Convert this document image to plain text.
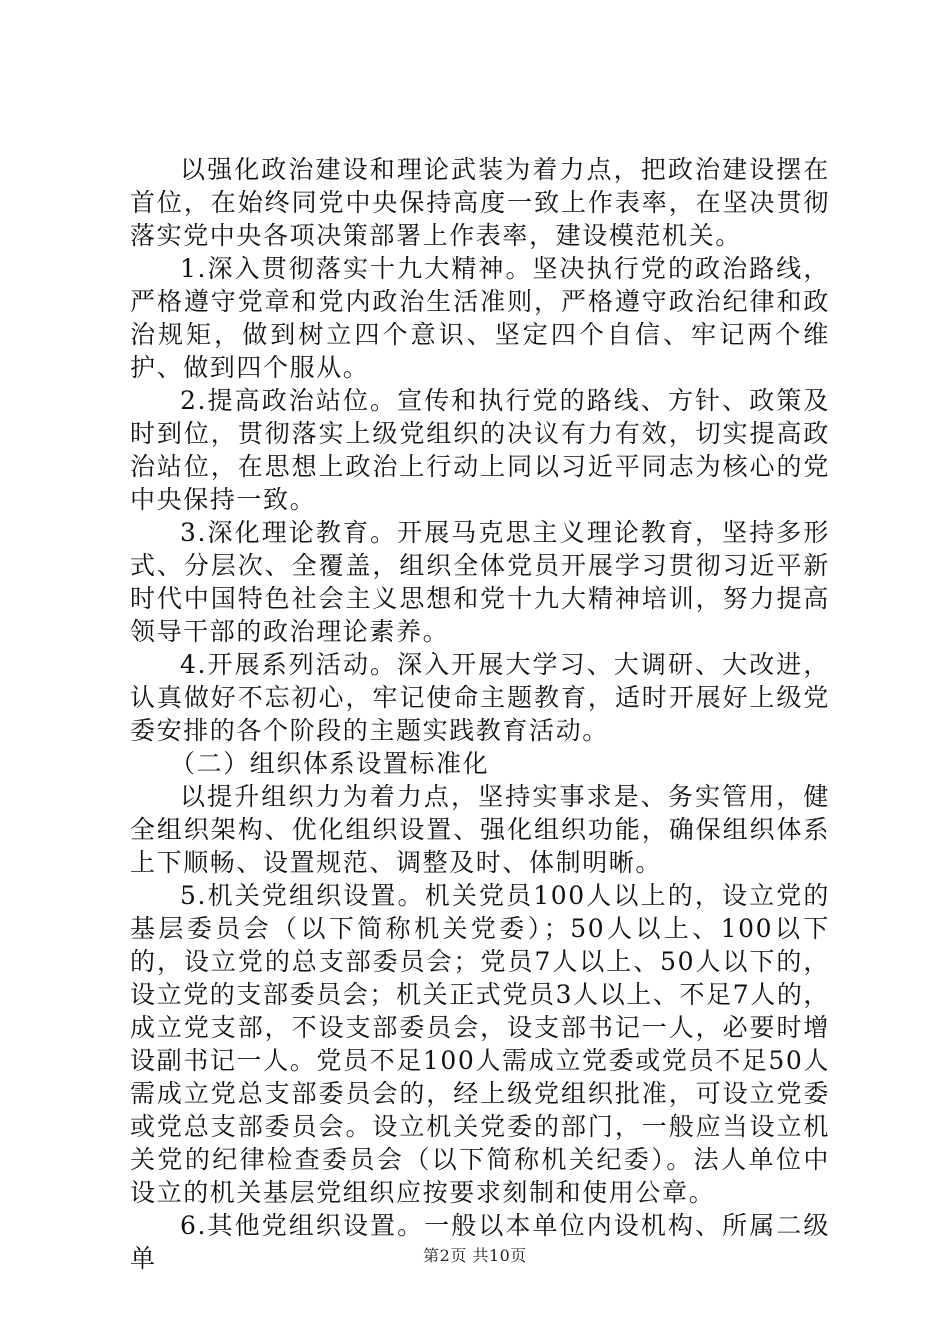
以强化政治建设和理论武装为着力点，把政治建设摆在首位，在始终同党中央保持高度一致上作表率，在坚决贯彻落实党中央各项决策部署上作表率，建设模范机关。

1.深入贯彻落实十九大精神。坚决执行党的政治路线，严格遵守党章和党内政治生活准则，严格遵守政治纪律和政治规矩，做到树立四个意识、坚定四个自信、牢记两个维护、做到四个服从。

2.提高政治站位。宣传和执行党的路线、方针、政策及时到位，贯彻落实上级党组织的决议有力有效，切实提高政治站位，在思想上政治上行动上同以习近平同志为核心的党中央保持一致。

3.深化理论教育。开展马克思主义理论教育，坚持多形式、分层次、全覆盖，组织全体党员开展学习贯彻习近平新时代中国特色社会主义思想和党十九大精神培训，努力提高领导干部的政治理论素养。

4.开展系列活动。深入开展大学习、大调研、大改进，认真做好不忘初心，牢记使命主题教育，适时开展好上级党委安排的各个阶段的主题实践教育活动。

（二）组织体系设置标准化

以提升组织力为着力点，坚持实事求是、务实管用，健全组织架构、优化组织设置、强化组织功能，确保组织体系上下顺畅、设置规范、调整及时、体制明晰。

5.机关党组织设置。机关党员100人以上的，设立党的基层委员会（以下简称机关党委）；50人以上、100以下的，设立党的总支部委员会；党员7人以上、50人以下的，设立党的支部委员会；机关正式党员3人以上、不足7人的，成立党支部，不设支部委员会，设支部书记一人，必要时增设副书记一人。党员不足100人需成立党委或党员不足50人需成立党总支部委员会的，经上级党组织批准，可设立党委或党总支部委员会。设立机关党委的部门，一般应当设立机关党的纪律检查委员会（以下简称机关纪委）。法人单位中设立的机关基层党组织应按要求刻制和使用公章。

6.其他党组织设置。一般以本单位内设机构、所属二级单	第2页 共10页
